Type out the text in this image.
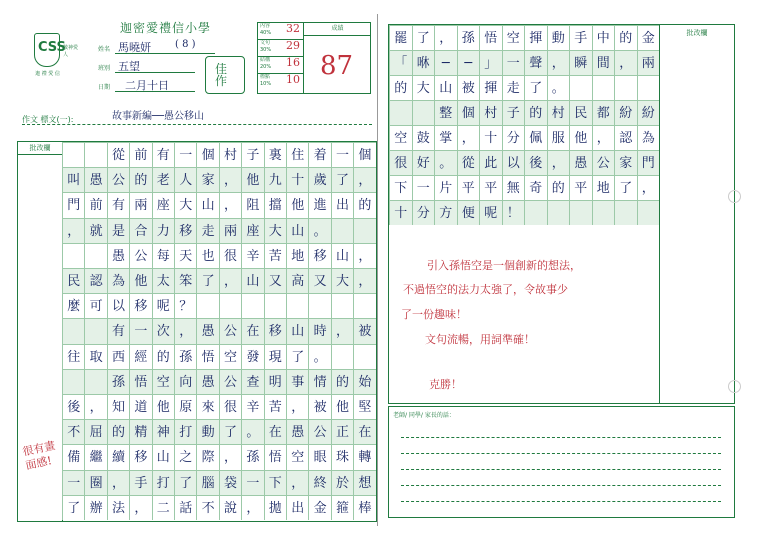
CSS
迦 禮 愛 信
敬神愛人
迦密愛禮信小學
姓名 馬曉妍 ( 8 )
班別 五望
日期 二月十日
佳作
內容 40%	32
文句 30%	29
結構 20%	16
標點 10%	10
成績
87
作文 標文(一):	故事新編──愚公移山
批改欄
很有畫面感!
從 前 有 一 個 村 子 裏 住 着 一 個
叫 愚 公 的 老 人 家 ， 他 九 十 歲 了 ，
門 前 有 兩 座 大 山 ， 阻 擋 他 進 出 的
， 就 是 合 力 移 走 兩 座 大 山 。
愚 公 每 天 也 很 辛 苦 地 移 山 ，
民 認 為 他 太 笨 了 ， 山 又 高 又 大 ，
麼 可 以 移 呢 ？
有 一 次 ， 愚 公 在 移 山 時 ， 被
往 取 西 經 的 孫 悟 空 發 現 了 。
孫 悟 空 向 愚 公 查 明 事 情 的 始
後 ， 知 道 他 原 來 很 辛 苦 ， 被 他 堅
不 屈 的 精 神 打 動 了 。 在 愚 公 正 在
備 繼 續 移 山 之 際 ， 孫 悟 空 眼 珠 轉
一 圈 ， 手 打 了 腦 袋 一 下 ， 終 於 想
了 辦 法 ， 二 話 不 說 ， 拋 出 金 箍 棒
批改欄
罷 了 ， 孫 悟 空 揮 動 手 中 的 金
「 咻 ─	─ 」 一 聲 ， 瞬 間 ， 兩
的 大 山 被 揮 走 了 。
整 個 村 子 的 村 民 都 紛 紛
空 鼓 掌 ， 十 分 佩 服 他 ， 認 為
很 好 。 從 此 以 後 ， 愚 公 家 門
下 一 片 平 平 無 奇 的 平 地 了 ，
十 分 方 便 呢 ！
引入孫悟空是一個創新的想法，
不過悟空的法力太強了，令故事少
了一份趣味！
文句流暢，用詞準確！
克勝！
老師/ 同學/ 家長的話：
